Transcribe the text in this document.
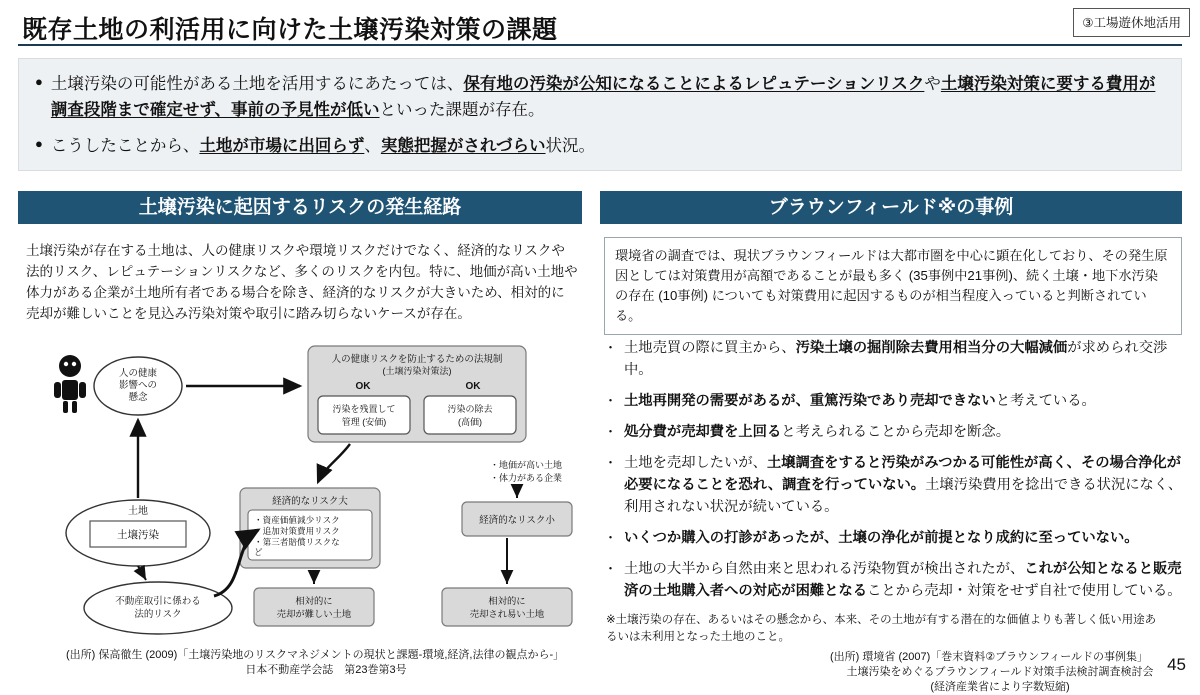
既存土地の利活用に向けた土壌汚染対策の課題	③工場遊休地活用
● 土壌汚染の可能性がある土地を活用するにあたっては、保有地の汚染が公知になることによるレピュテーションリスクや土壌汚染対策に要する費用が調査段階まで確定せず、事前の予見性が低いといった課題が存在。
● こうしたことから、土地が市場に出回らず、実態把握がされづらい状況。
土壌汚染に起因するリスクの発生経路	ブラウンフィールド※の事例
土壌汚染が存在する土地は、人の健康リスクや環境リスクだけでなく、経済的なリスクや法的リスク、レピュテーションリスクなど、多くのリスクを内包。特に、地価が高い土地や体力がある企業が土地所有者である場合を除き、経済的なリスクが大きいため、相対的に売却が難しいことを見込み汚染対策や取引に踏み切らないケースが存在。
人の健康
影響への
懸念
人の健康リスクを防止するための法規制
(土壌汚染対策法)
OK	OK
汚染を残置して
管理 (安価)
汚染の除去
(高価)
土地
土壌汚染
不動産取引に係わる
法的リスク
経済的なリスク大
・資産価値減少リスク
・追加対策費用リスク
・第三者賠償リスクな
ど
・地価が高い土地
・体力がある企業
経済的なリスク小
相対的に
売却が難しい土地
相対的に
売却され易い土地
(出所) 保高徹生 (2009)「土壌汚染地のリスクマネジメントの現状と課題-環境,経済,法律の観点から-」
日本不動産学会誌　第23巻第3号
環境省の調査では、現状ブラウンフィールドは大都市圏を中心に顕在化しており、その発生原因としては対策費用が高額であることが最も多く (35事例中21事例)、続く土壌・地下水汚染の存在 (10事例) についても対策費用に起因するものが相当程度入っていると判断されている。
・ 土地売買の際に買主から、汚染土壌の掘削除去費用相当分の大幅減価が求められ交渉中。
・ 土地再開発の需要があるが、重篤汚染であり売却できないと考えている。
・ 処分費が売却費を上回ると考えられることから売却を断念。
・ 土地を売却したいが、土壌調査をすると汚染がみつかる可能性が高く、その場合浄化が必要になることを恐れ、調査を行っていない。土壌汚染費用を捻出できる状況になく、利用されない状況が続いている。
・ いくつか購入の打診があったが、土壌の浄化が前提となり成約に至っていない。
・ 土地の大半から自然由来と思われる汚染物質が検出されたが、これが公知となると販売済の土地購入者への対応が困難となることから売却・対策をせず自社で使用している。
※土壌汚染の存在、あるいはその懸念から、本来、その土地が有する潜在的な価値よりも著しく低い用途あるいは未利用となった土地のこと。
(出所) 環境省 (2007)「巻末資料②ブラウンフィールドの事例集」
土壌汚染をめぐるブラウンフィールド対策手法検討調査検討会
(経済産業省により字数短縮)
45
